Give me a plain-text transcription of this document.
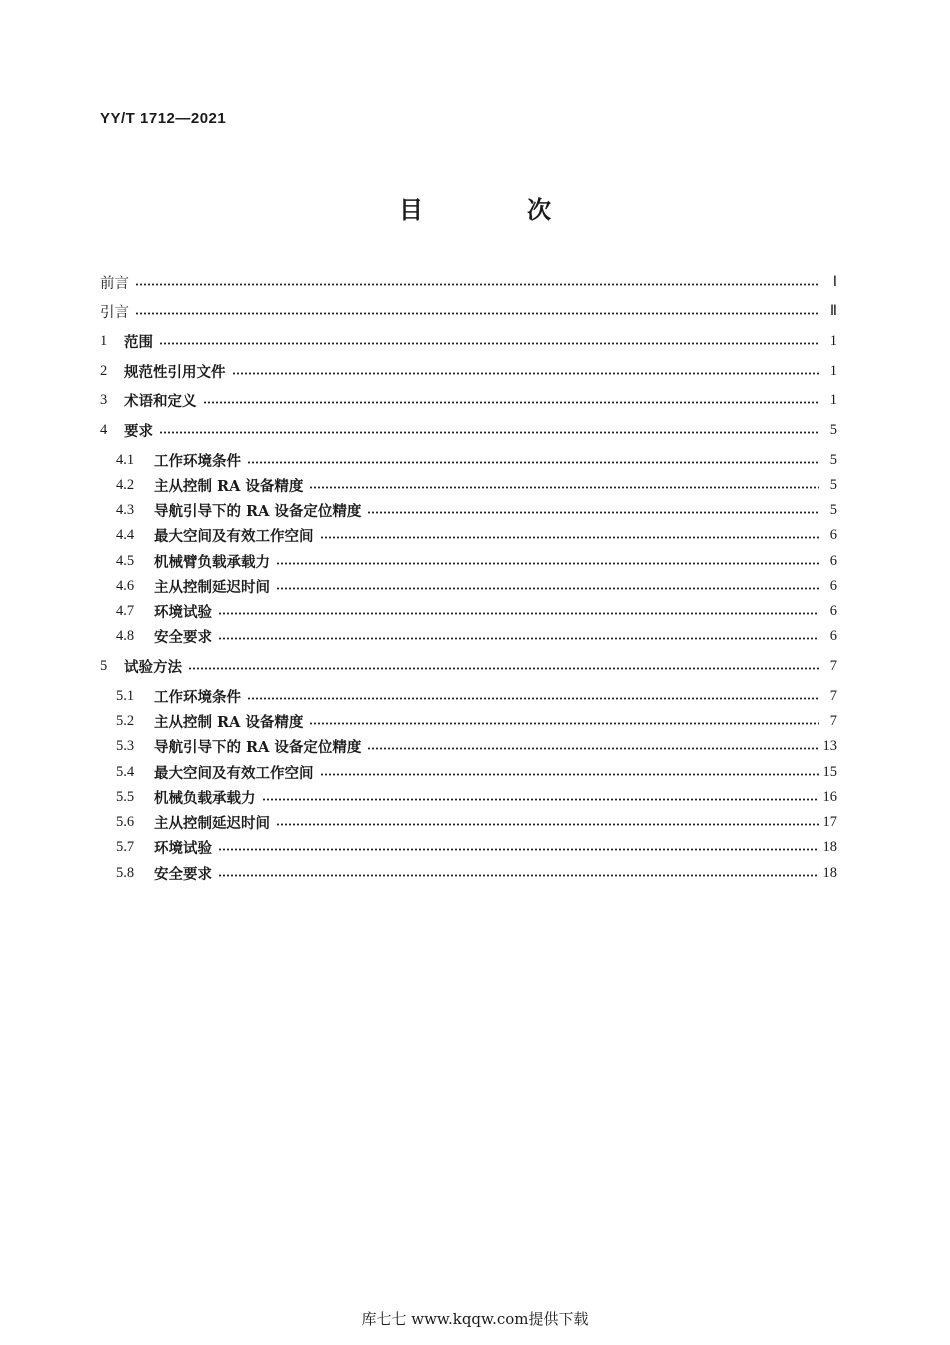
YY/T 1712—2021
目　次
前言	Ⅰ
引言	Ⅱ
1	范围	1
2	规范性引用文件	1
3	术语和定义	1
4	要求	5
4.1	工作环境条件	5
4.2	主从控制 RA 设备精度	5
4.3	导航引导下的 RA 设备定位精度	5
4.4	最大空间及有效工作空间	6
4.5	机械臂负载承载力	6
4.6	主从控制延迟时间	6
4.7	环境试验	6
4.8	安全要求	6
5	试验方法	7
5.1	工作环境条件	7
5.2	主从控制 RA 设备精度	7
5.3	导航引导下的 RA 设备定位精度	13
5.4	最大空间及有效工作空间	15
5.5	机械负载承载力	16
5.6	主从控制延迟时间	17
5.7	环境试验	18
5.8	安全要求	18
库七七 www.kqqw.com提供下载
